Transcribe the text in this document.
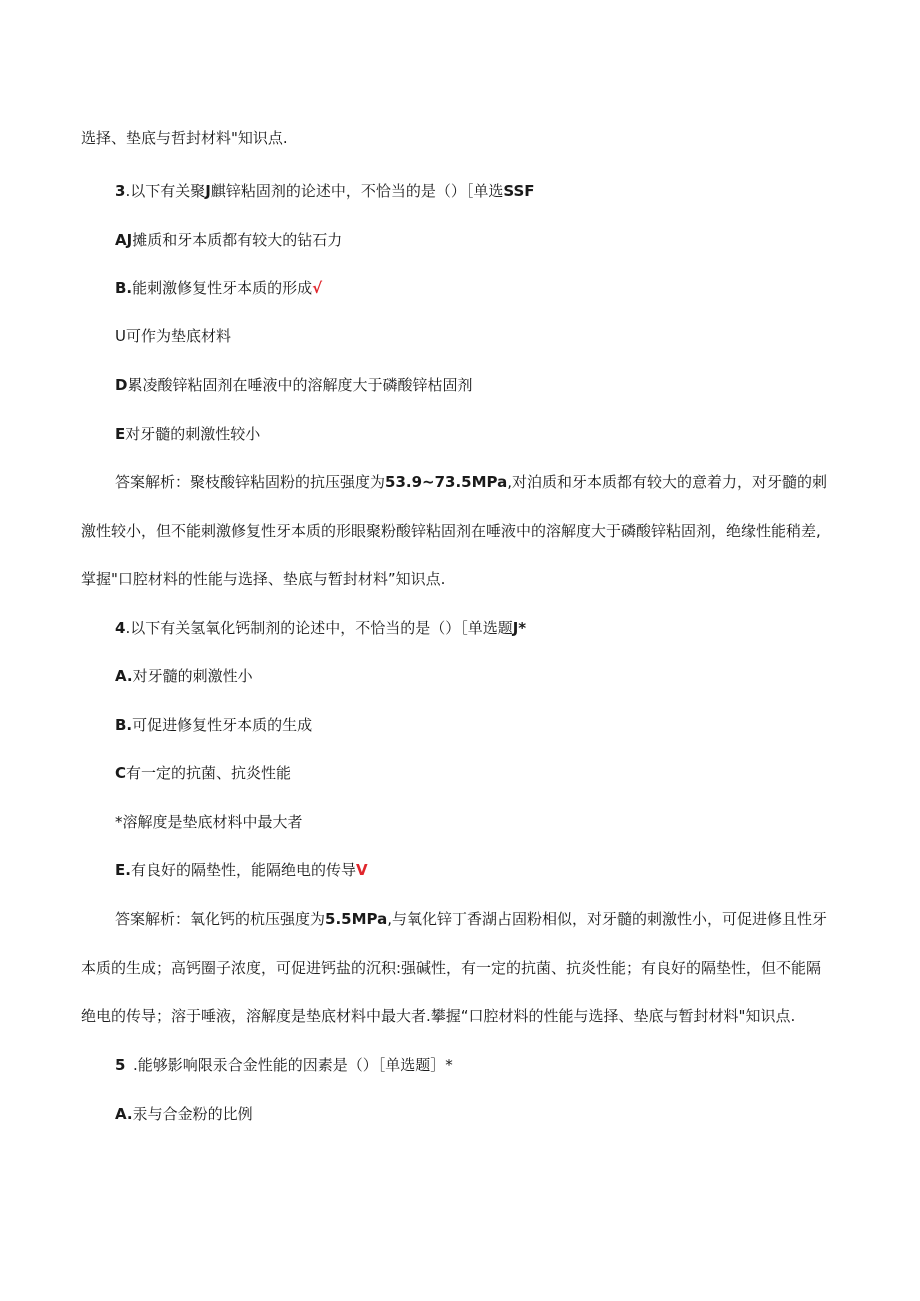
选择、垫底与哲封材料"知识点.
3.以下有关聚J麒锌粘固剂的论述中，不恰当的是（）［单选SSF
AJ摊质和牙本质都有较大的钻石力
B.能刺激修复性牙本质的形成√
U可作为垫底材料
D累凌酸锌粘固剂在唾液中的溶解度大于磷酸锌枯固剂
E对牙髓的刺激性较小
答案解析：聚枝酸锌粘固粉的抗压强度为53.9~73.5MPa,对泊质和牙本质都有较大的意着力，对牙髓的刺
激性较小，但不能刺激修复性牙本质的形眼聚粉酸锌粘固剂在唾液中的溶解度大于磷酸锌粘固剂，绝缘性能稍差,
掌握"口腔材料的性能与选择、垫底与暂封材料”知识点.
4.以下有关氢氧化钙制剂的论述中，不恰当的是（）［单选题J*
A.对牙髓的刺激性小
B.可促进修复性牙本质的生成
C有一定的抗菌、抗炎性能
*溶解度是垫底材料中最大者
E.有良好的隔垫性，能隔绝电的传导V
答案解析：氧化钙的杭压强度为5.5MPa,与氧化锌丁香湖占固粉相似，对牙髓的刺激性小，可促进修且性牙
本质的生成；高钙圈子浓度，可促进钙盐的沉积:强碱性，有一定的抗菌、抗炎性能；有良好的隔垫性，但不能隔
绝电的传导；溶于唾液，溶解度是垫底材料中最大者.攀握“口腔材料的性能与选择、垫底与暂封材料"知识点.
5 .能够影响限汞合金性能的因素是（）［单选题］*
A.汞与合金粉的比例
